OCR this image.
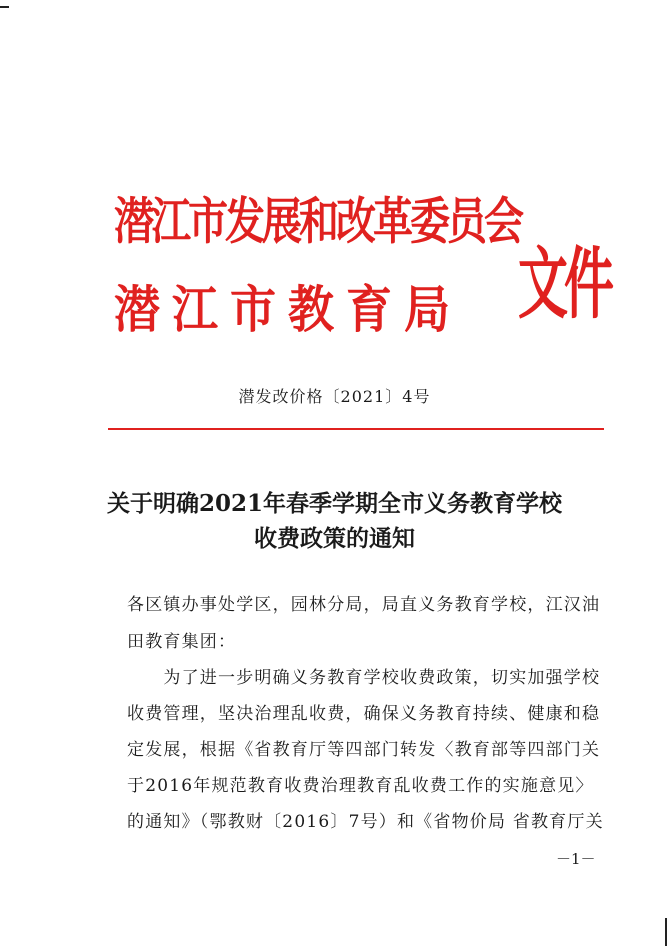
潜江市发展和改革委员会
潜江市教育局 文件
潜发改价格〔2021〕4号
关于明确2021年春季学期全市义务教育学校
收费政策的通知
各区镇办事处学区，园林分局，局直义务教育学校，江汉油
田教育集团：
　　为了进一步明确义务教育学校收费政策，切实加强学校
收费管理，坚决治理乱收费，确保义务教育持续、健康和稳
定发展，根据《省教育厅等四部门转发〈教育部等四部门关
于2016年规范教育收费治理教育乱收费工作的实施意见〉
的通知》（鄂教财〔2016〕7号）和《省物价局 省教育厅关
－1－
